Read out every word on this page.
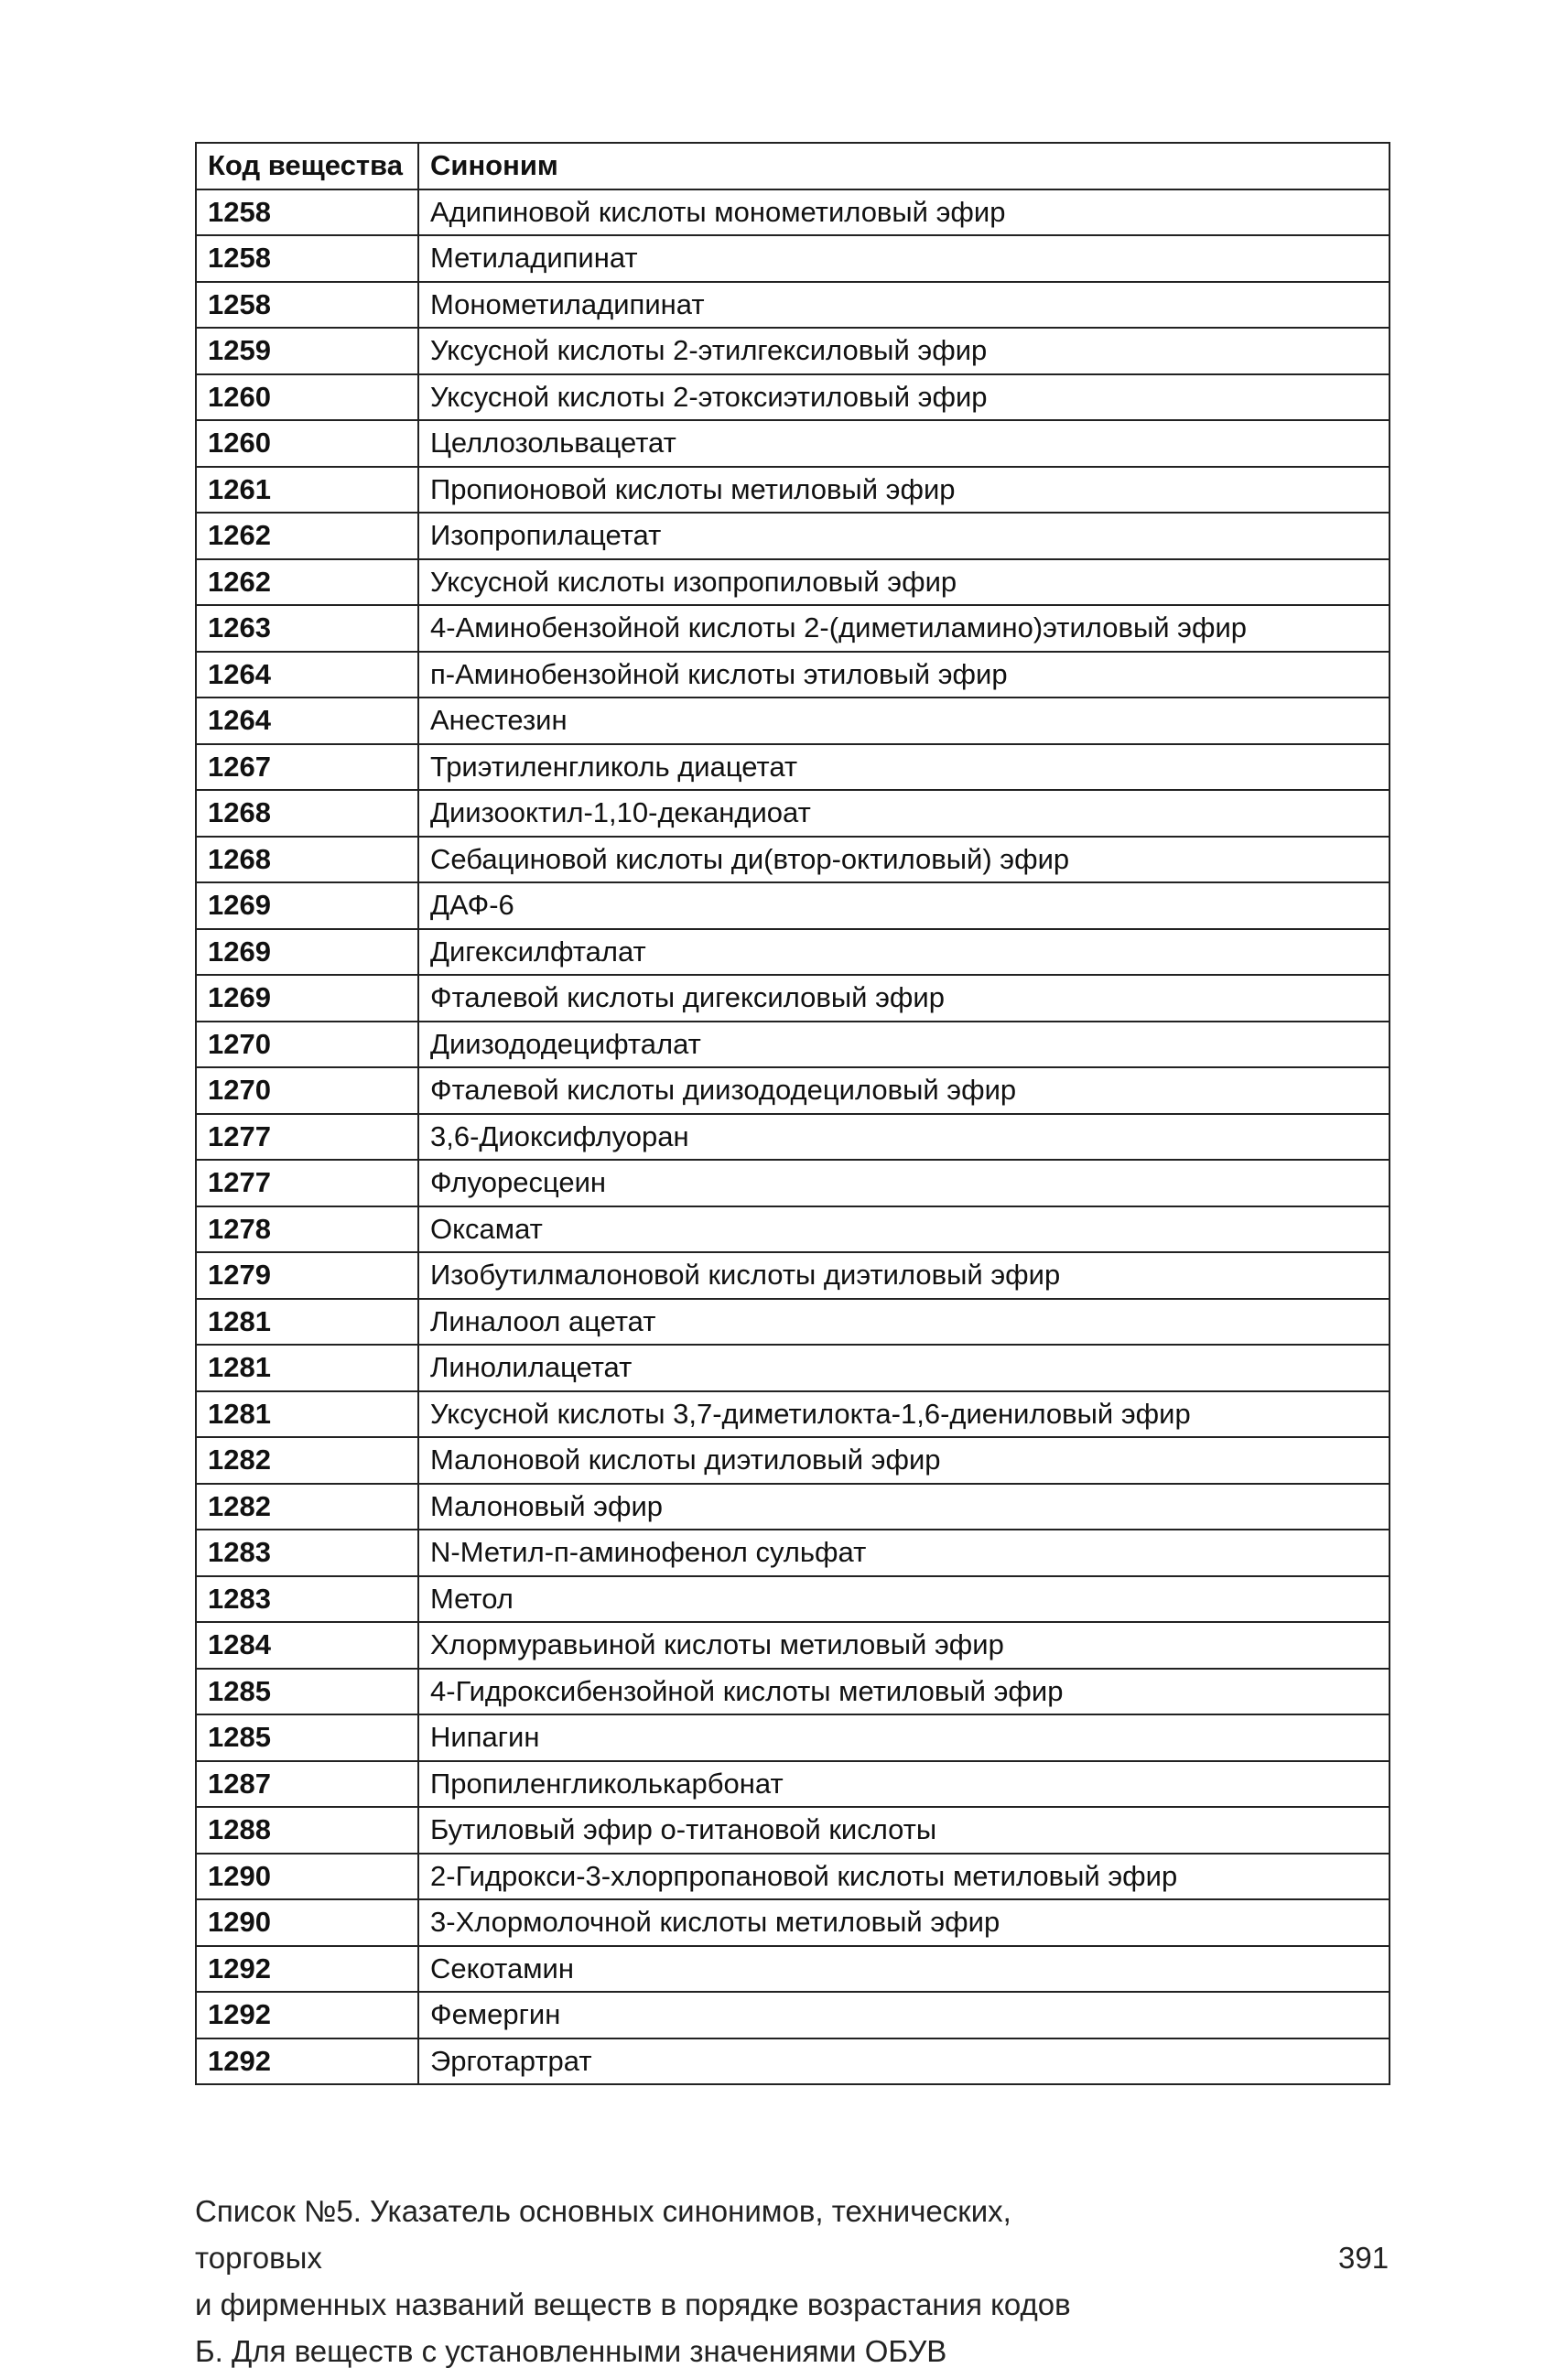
Код вещества	Синоним
1258	Адипиновой кислоты монометиловый эфир
1258	Метиладипинат
1258	Монометиладипинат
1259	Уксусной кислоты 2-этилгексиловый эфир
1260	Уксусной кислоты 2-этоксиэтиловый эфир
1260	Целлозольвацетат
1261	Пропионовой кислоты метиловый эфир
1262	Изопропилацетат
1262	Уксусной кислоты изопропиловый эфир
1263	4-Аминобензойной кислоты 2-(диметиламино)этиловый эфир
1264	п-Аминобензойной кислоты этиловый эфир
1264	Анестезин
1267	Триэтиленгликоль диацетат
1268	Диизооктил-1,10-декандиоат
1268	Себациновой кислоты ди(втор-октиловый) эфир
1269	ДАФ-6
1269	Дигексилфталат
1269	Фталевой кислоты дигексиловый эфир
1270	Диизододецифталат
1270	Фталевой кислоты диизододециловый эфир
1277	3,6-Диоксифлуоран
1277	Флуоресцеин
1278	Оксамат
1279	Изобутилмалоновой кислоты диэтиловый эфир
1281	Линалоол ацетат
1281	Линолилацетат
1281	Уксусной кислоты 3,7-диметилокта-1,6-диениловый эфир
1282	Малоновой кислоты диэтиловый эфир
1282	Малоновый эфир
1283	N-Метил-п-аминофенол сульфат
1283	Метол
1284	Хлормуравьиной кислоты метиловый эфир
1285	4-Гидроксибензойной кислоты метиловый эфир
1285	Нипагин
1287	Пропиленгликолькарбонат
1288	Бутиловый эфир о-титановой кислоты
1290	2-Гидрокси-3-хлорпропановой кислоты метиловый эфир
1290	3-Хлормолочной кислоты метиловый эфир
1292	Секотамин
1292	Фемергин
1292	Эрготартрат
Список №5. Указатель основных синонимов, технических, торговых
и фирменных названий веществ в порядке возрастания кодов
Б. Для веществ с установленными значениями ОБУВ
391
